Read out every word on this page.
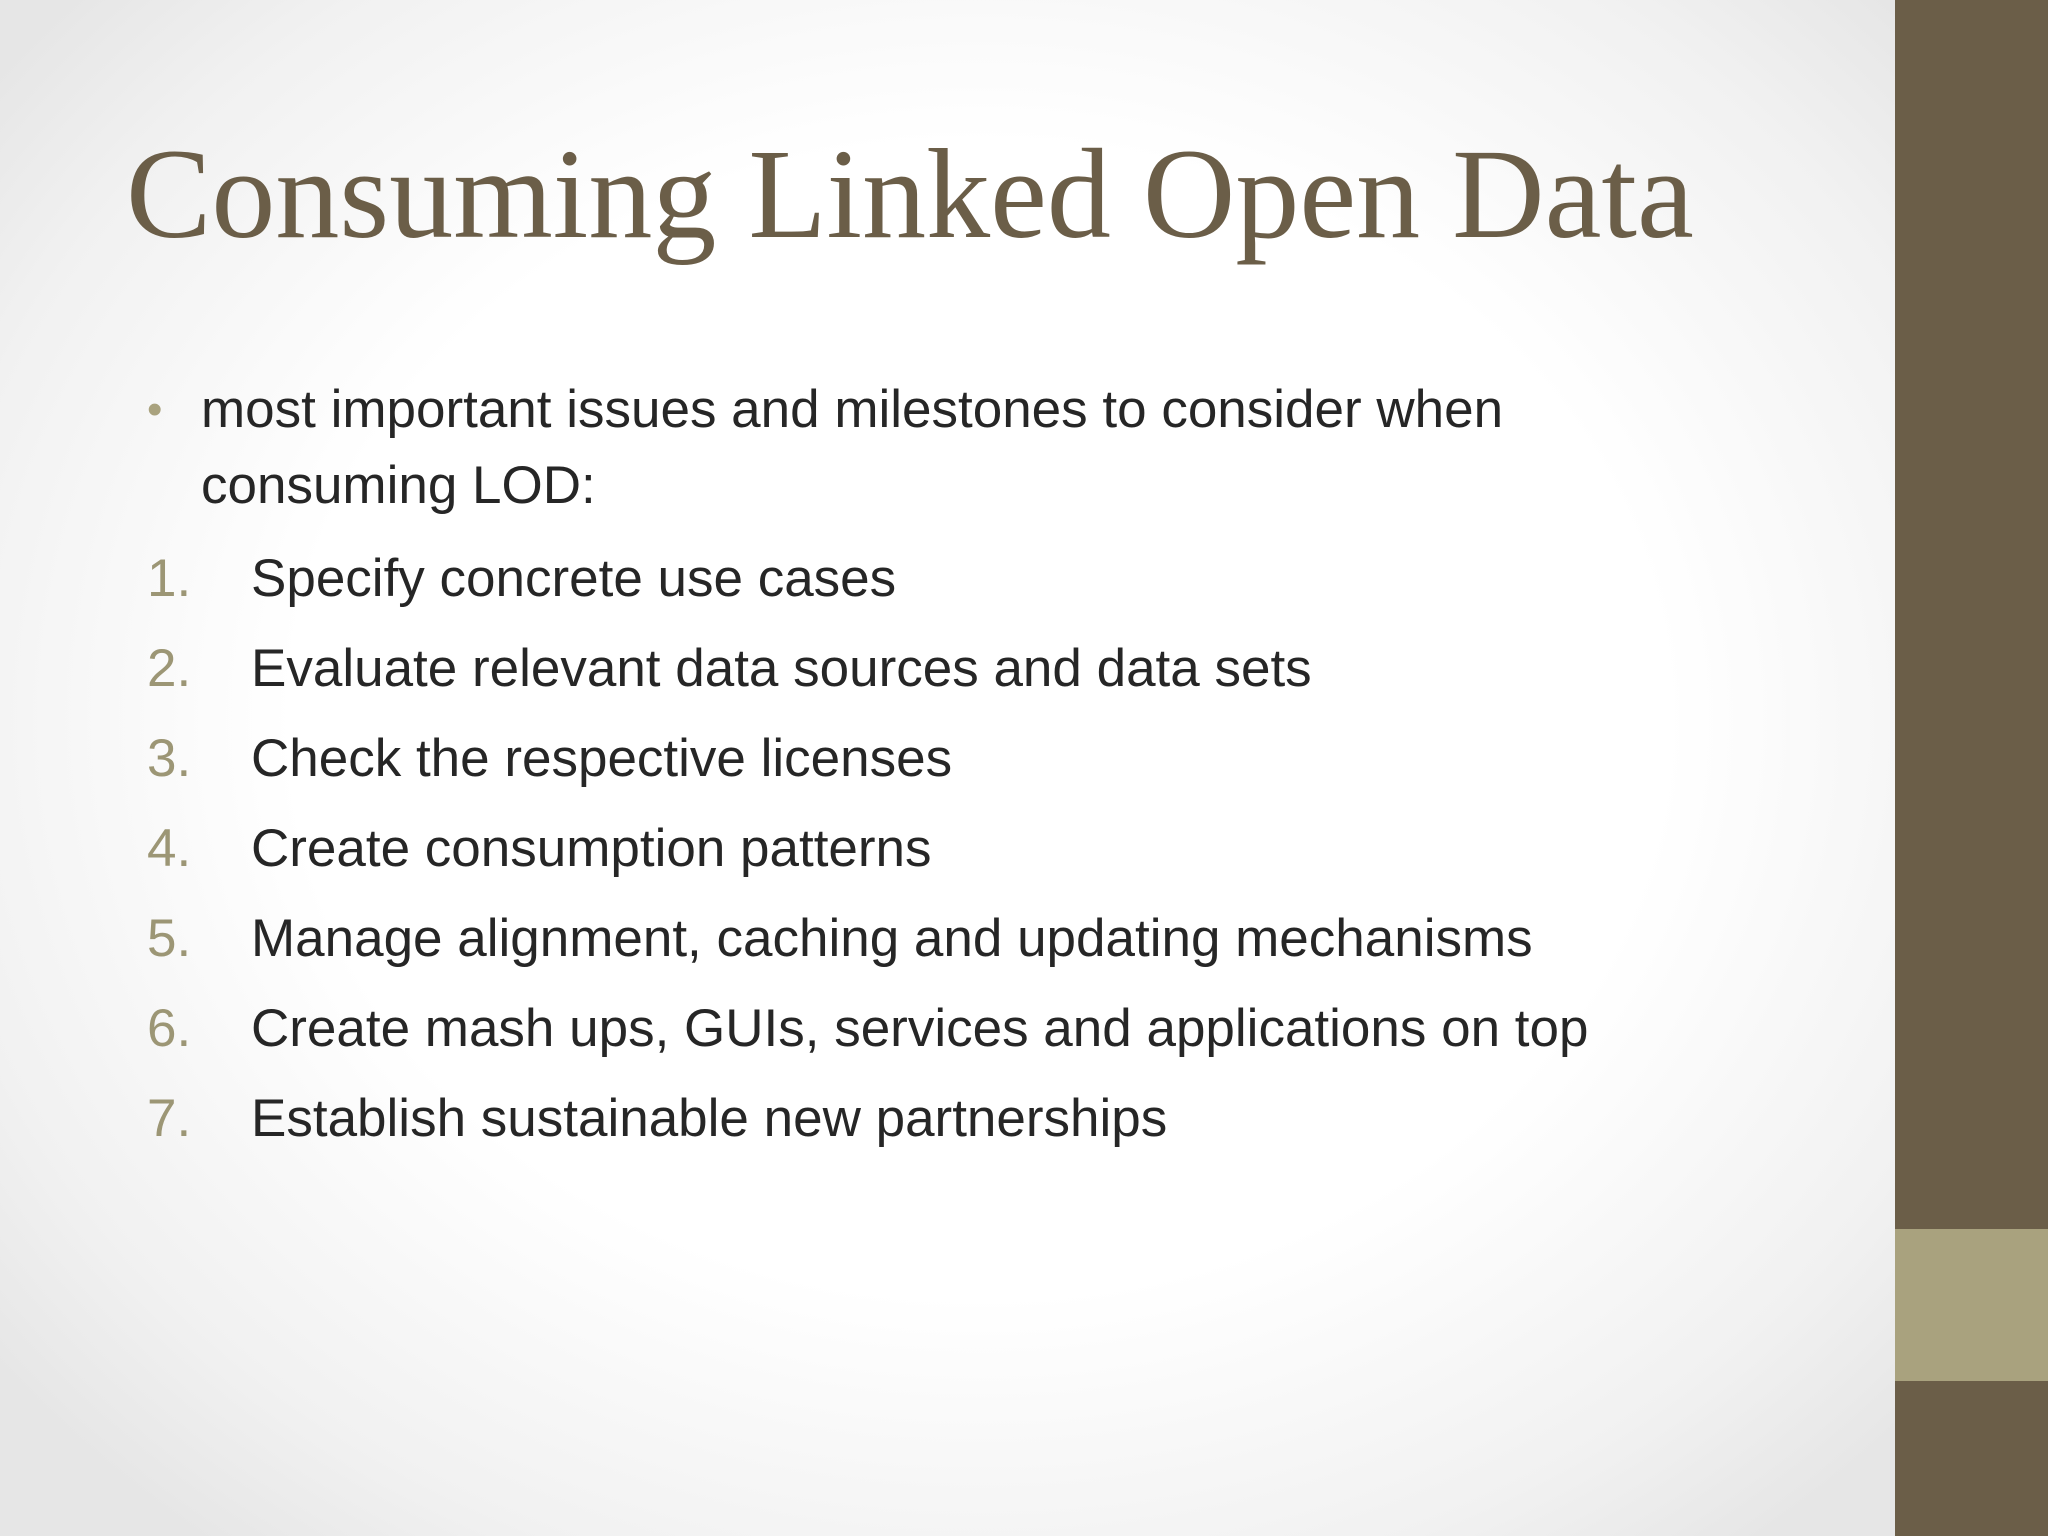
Consuming Linked Open Data

• most important issues and milestones to consider when consuming LOD:

1.	Specify concrete use cases
2.	Evaluate relevant data sources and data sets
3.	Check the respective licenses
4.	Create consumption patterns
5.	Manage alignment, caching and updating mechanisms
6.	Create mash ups, GUIs, services and applications on top
7.	Establish sustainable new partnerships
